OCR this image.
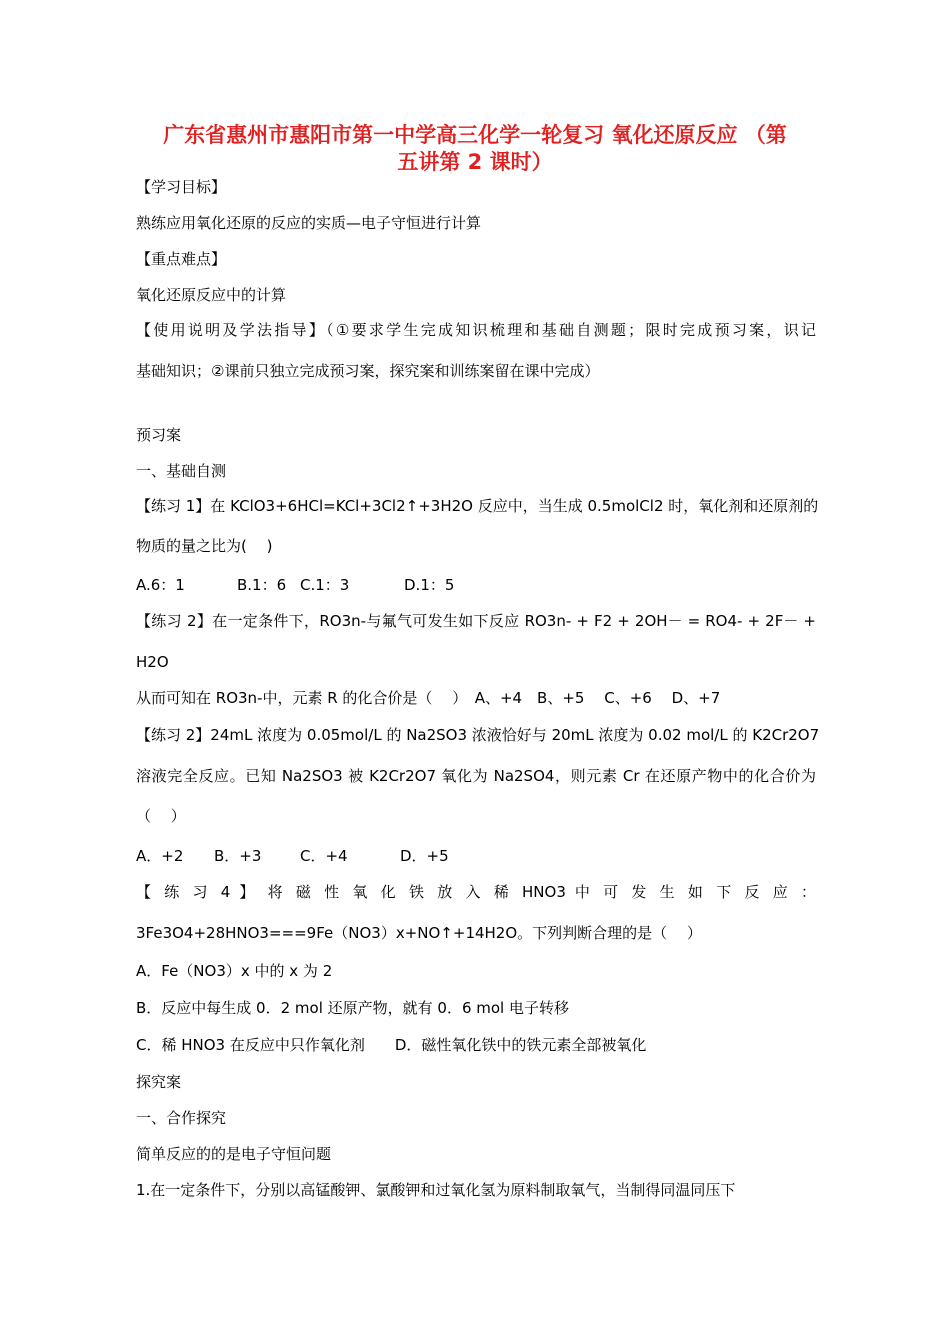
广东省惠州市惠阳市第一中学高三化学一轮复习 氧化还原反应 （第
五讲第 2 课时）
【学习目标】
熟练应用氧化还原的反应的实质—电子守恒进行计算
【重点难点】
氧化还原反应中的计算
【使用说明及学法指导】（①要求学生完成知识梳理和基础自测题；限时完成预习案，识记
基础知识；②课前只独立完成预习案，探究案和训练案留在课中完成）
预习案
一、基础自测
【练习 1】在 KClO3+6HCl=KCl+3Cl2↑+3H2O 反应中，当生成 0.5molCl2 时，氧化剂和还原剂的
物质的量之比为(　 )
A.6：1	B.1：6 C.1：3	D.1：5
【练习 2】在一定条件下，RO3n-与氟气可发生如下反应 RO3n- + F2 + 2OH－ = RO4- + 2F－ +
H2O
从而可知在 RO3n-中，元素 R 的化合价是（　 ）　A、+4　B、+5　 C、+6　 D、+7
【练习 2】24mL 浓度为 0.05mol/L 的 Na2SO3 浓液恰好与 20mL 浓度为 0.02 mol/L 的 K2Cr2O7
溶液完全反应。已知 Na2SO3 被 K2Cr2O7 氧化为 Na2SO4，则元素 Cr 在还原产物中的化合价为
（　 ）
A．+2 B．+3	C．+4	D．+5
【 练 习 4 】 将 磁 性 氧 化 铁 放 入 稀 HNO3 中 可 发 生 如 下 反 应 ：
3Fe3O4+28HNO3===9Fe（NO3）x+NO↑+14H2O。下列判断合理的是（　 ）
A．Fe（NO3）x 中的 x 为 2
B．反应中每生成 0．2 mol 还原产物，就有 0．6 mol 电子转移
C．稀 HNO3 在反应中只作氧化剂　　D．磁性氧化铁中的铁元素全部被氧化
探究案
一、合作探究
简单反应的的是电子守恒问题
1.在一定条件下，分别以高锰酸钾、氯酸钾和过氧化氢为原料制取氧气，当制得同温同压下
